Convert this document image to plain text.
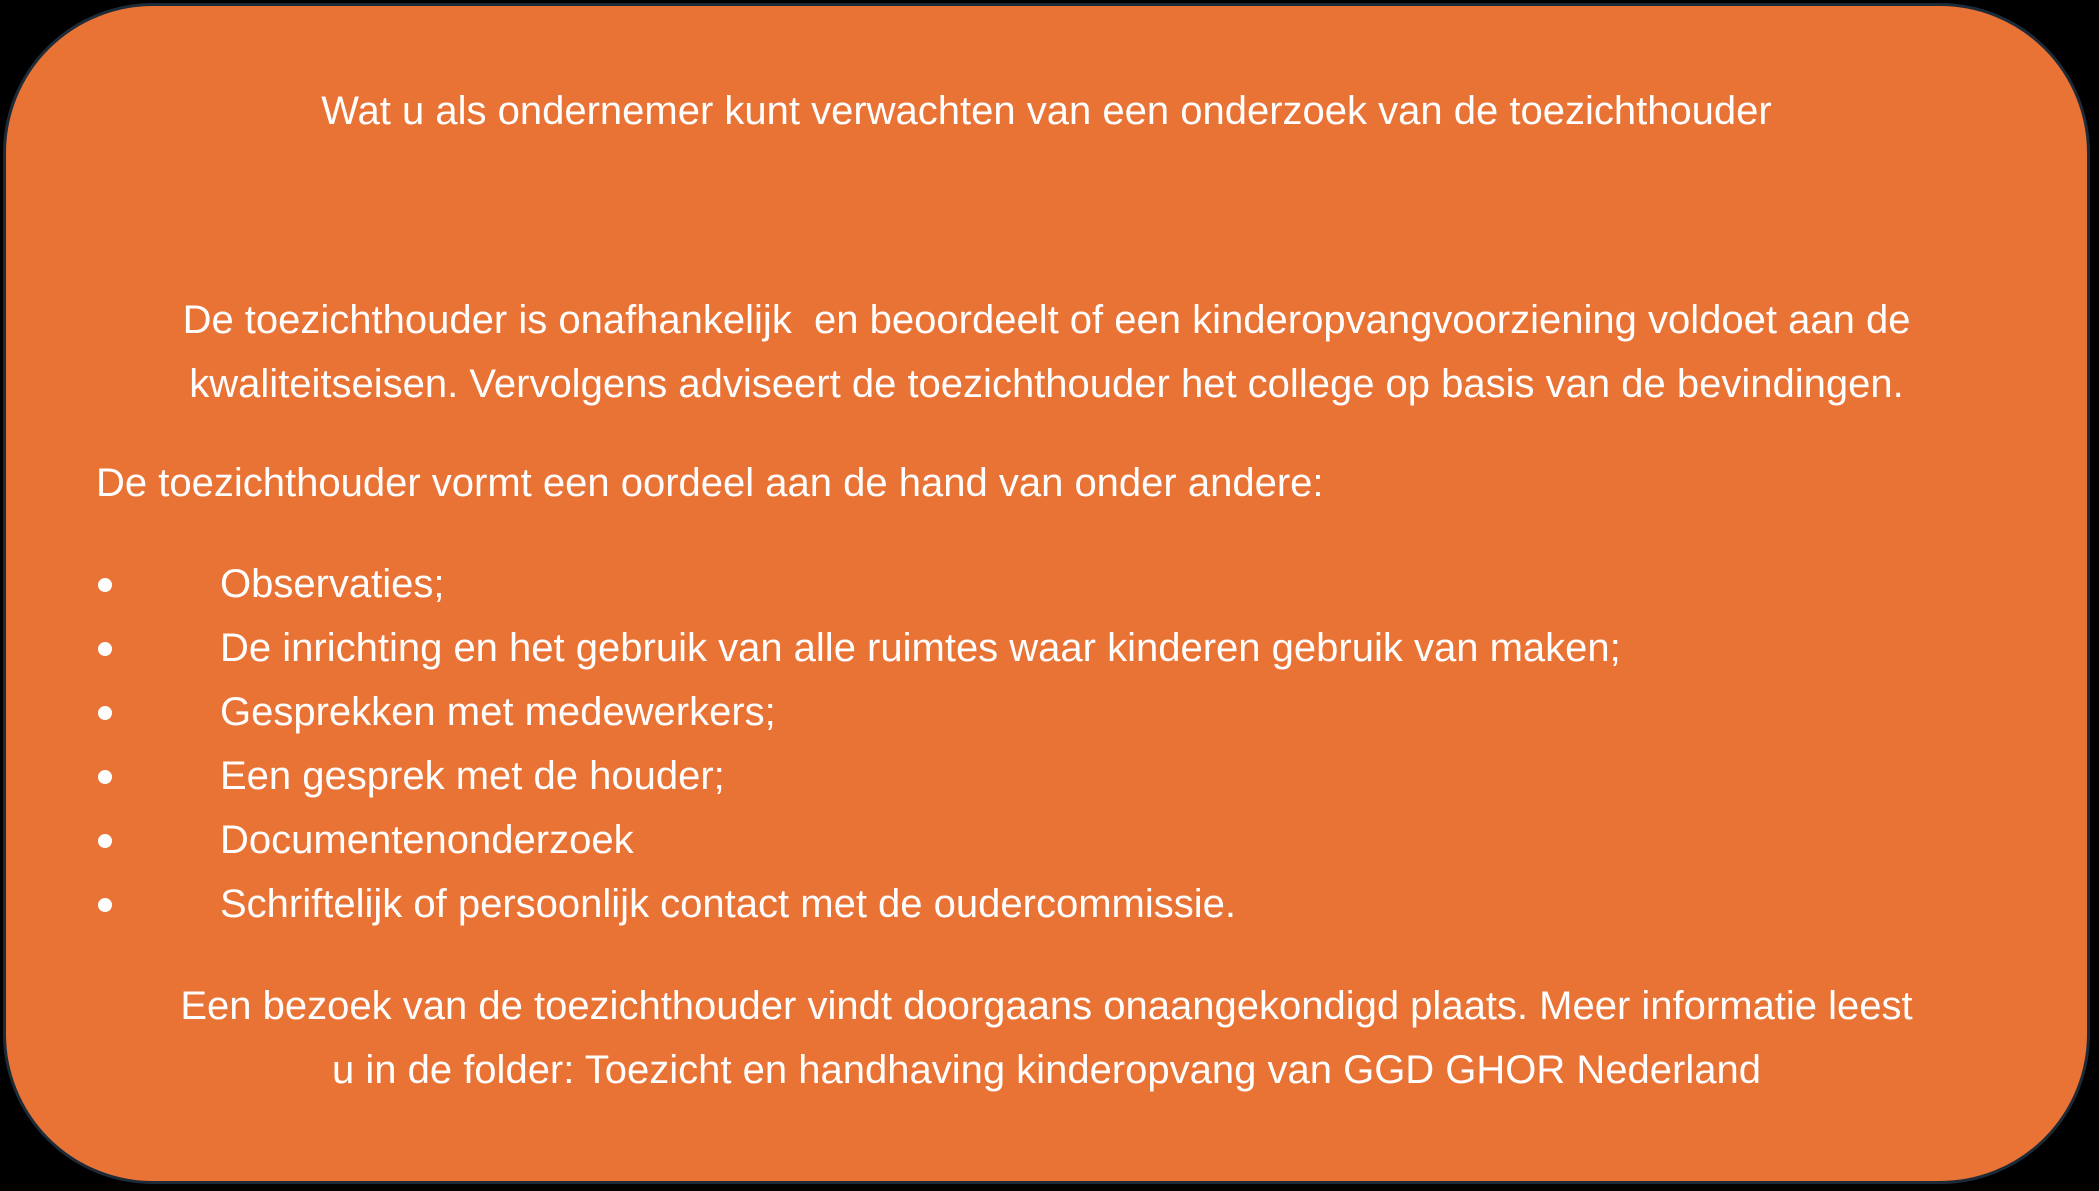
Wat u als ondernemer kunt verwachten van een onderzoek van de toezichthouder
De toezichthouder is onafhankelijk  en beoordeelt of een kinderopvangvoorziening voldoet aan de
kwaliteitseisen. Vervolgens adviseert de toezichthouder het college op basis van de bevindingen.
De toezichthouder vormt een oordeel aan de hand van onder andere:
Observaties;
De inrichting en het gebruik van alle ruimtes waar kinderen gebruik van maken;
Gesprekken met medewerkers;
Een gesprek met de houder;
Documentenonderzoek
Schriftelijk of persoonlijk contact met de oudercommissie.
Een bezoek van de toezichthouder vindt doorgaans onaangekondigd plaats. Meer informatie leest
u in de folder: Toezicht en handhaving kinderopvang van GGD GHOR Nederland
